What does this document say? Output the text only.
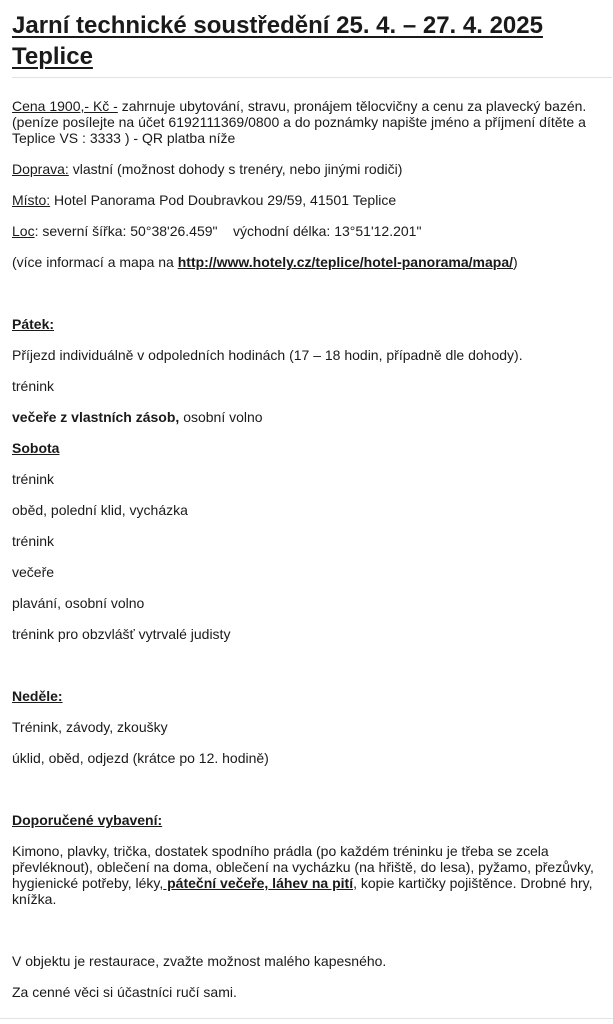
Jarní technické soustředění 25. 4. – 27. 4. 2025
Teplice

Cena 1900,- Kč - zahrnuje ubytování, stravu, pronájem tělocvičny a cenu za plavecký bazén. (peníze posílejte na účet 6192111369/0800 a do poznámky napište jméno a příjmení dítěte a Teplice VS : 3333 ) - QR platba níže

Doprava: vlastní (možnost dohody s trenéry, nebo jinými rodiči)

Místo: Hotel Panorama Pod Doubravkou 29/59, 41501 Teplice

Loc: severní šířka: 50°38'26.459"    východní délka: 13°51'12.201"

(více informací a mapa na http://www.hotely.cz/teplice/hotel-panorama/mapa/)

Pátek:

Příjezd individuálně v odpoledních hodinách (17 – 18 hodin, případně dle dohody).

trénink

večeře z vlastních zásob, osobní volno

Sobota

trénink

oběd, polední klid, vycházka

trénink

večeře

plavání, osobní volno

trénink pro obzvlášť vytrvalé judisty

Neděle:

Trénink, závody, zkoušky

úklid, oběd, odjezd (krátce po 12. hodině)

Doporučené vybavení:

Kimono, plavky, trička, dostatek spodního prádla (po každém tréninku je třeba se zcela převléknout), oblečení na doma, oblečení na vycházku (na hřiště, do lesa), pyžamo, přezůvky, hygienické potřeby, léky, páteční večeře, láhev na pití, kopie kartičky pojištěnce. Drobné hry, knížka.

V objektu je restaurace, zvažte možnost malého kapesného.

Za cenné věci si účastníci ručí sami.
